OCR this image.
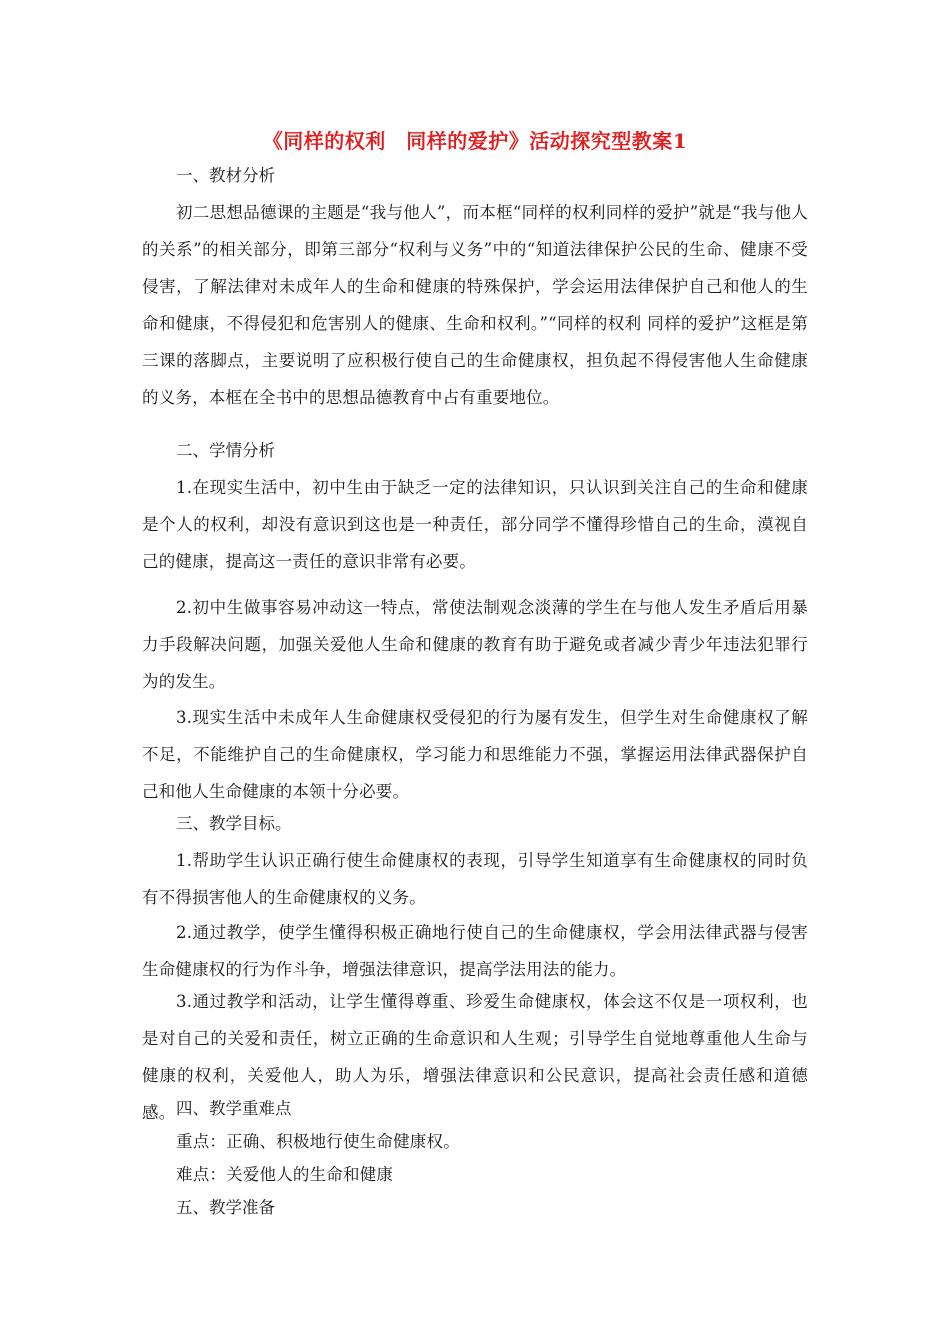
《同样的权利　同样的爱护》活动探究型教案1

一、教材分析

初二思想品德课的主题是“我与他人”，而本框“同样的权利同样的爱护”就是“我与他人的关系”的相关部分，即第三部分“权利与义务”中的“知道法律保护公民的生命、健康不受侵害，了解法律对未成年人的生命和健康的特殊保护，学会运用法律保护自己和他人的生命和健康，不得侵犯和危害别人的健康、生命和权利。”“同样的权利 同样的爱护”这框是第三课的落脚点，主要说明了应积极行使自己的生命健康权，担负起不得侵害他人生命健康的义务，本框在全书中的思想品德教育中占有重要地位。

二、学情分析

1.在现实生活中，初中生由于缺乏一定的法律知识，只认识到关注自己的生命和健康是个人的权利，却没有意识到这也是一种责任，部分同学不懂得珍惜自己的生命，漠视自己的健康，提高这一责任的意识非常有必要。

2.初中生做事容易冲动这一特点，常使法制观念淡薄的学生在与他人发生矛盾后用暴力手段解决问题，加强关爱他人生命和健康的教育有助于避免或者减少青少年违法犯罪行为的发生。

3.现实生活中未成年人生命健康权受侵犯的行为屡有发生，但学生对生命健康权了解不足，不能维护自己的生命健康权，学习能力和思维能力不强，掌握运用法律武器保护自己和他人生命健康的本领十分必要。

三、教学目标。

1.帮助学生认识正确行使生命健康权的表现，引导学生知道享有生命健康权的同时负有不得损害他人的生命健康权的义务。

2.通过教学，使学生懂得积极正确地行使自己的生命健康权，学会用法律武器与侵害生命健康权的行为作斗争，增强法律意识，提高学法用法的能力。

3.通过教学和活动，让学生懂得尊重、珍爱生命健康权，体会这不仅是一项权利，也是对自己的关爱和责任，树立正确的生命意识和人生观；引导学生自觉地尊重他人生命与健康的权利，关爱他人，助人为乐，增强法律意识和公民意识，提高社会责任感和道德感。 四、教学重难点

重点：正确、积极地行使生命健康权。

难点：关爱他人的生命和健康

五、教学准备
